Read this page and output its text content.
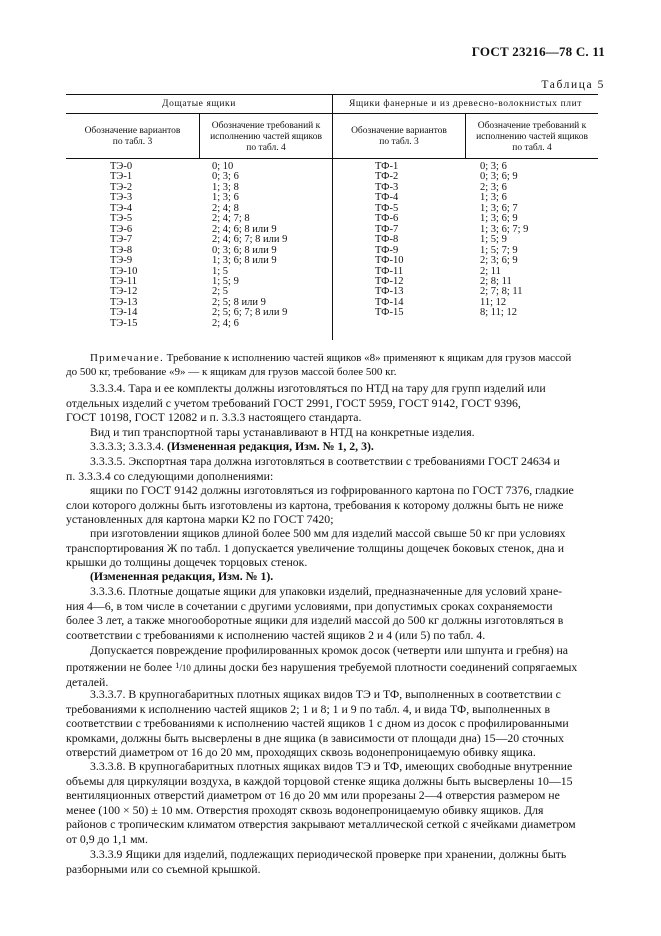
ГОСТ 23216—78 С. 11
Таблица 5
Дощатые ящики	Ящики фанерные и из древесно-волокнистых плит
Обозначение вариантов
по табл. 3
Обозначение требований к
исполнению частей ящиков
по табл. 4
Обозначение вариантов
по табл. 3
Обозначение требований к
исполнению частей ящиков
по табл. 4
ТЭ-0
ТЭ-1
ТЭ-2
ТЭ-3
ТЭ-4
ТЭ-5
ТЭ-6
ТЭ-7
ТЭ-8
ТЭ-9
ТЭ-10
ТЭ-11
ТЭ-12
ТЭ-13
ТЭ-14
ТЭ-15
0; 10
0; 3; 6
1; 3; 8
1; 3; 6
2; 4; 8
2; 4; 7; 8
2; 4; 6; 8 или 9
2; 4; 6; 7; 8 или 9
0; 3; 6; 8 или 9
1; 3; 6; 8 или 9
1; 5
1; 5; 9
2; 5
2; 5; 8 или 9
2; 5; 6; 7; 8 или 9
2; 4; 6
ТФ-1
ТФ-2
ТФ-3
ТФ-4
ТФ-5
ТФ-6
ТФ-7
ТФ-8
ТФ-9
ТФ-10
ТФ-11
ТФ-12
ТФ-13
ТФ-14
ТФ-15
0; 3; 6
0; 3; 6; 9
2; 3; 6
1; 3; 6
1; 3; 6; 7
1; 3; 6; 9
1; 3; 6; 7; 9
1; 5; 9
1; 5; 7; 9
2; 3; 6; 9
2; 11
2; 8; 11
2; 7; 8; 11
11; 12
8; 11; 12
Примечание. Требование к исполнению частей ящиков «8» применяют к ящикам для грузов массой
до 500 кг, требование «9» — к ящикам для грузов массой более 500 кг.
3.3.3.4. Тара и ее комплекты должны изготовляться по НТД на тару для групп изделий или
отдельных изделий с учетом требований ГОСТ 2991, ГОСТ 5959, ГОСТ 9142, ГОСТ 9396,
ГОСТ 10198, ГОСТ 12082 и п. 3.3.3 настоящего стандарта.
Вид и тип транспортной тары устанавливают в НТД на конкретные изделия.
3.3.3.3; 3.3.3.4. (Измененная редакция, Изм. № 1, 2, 3).
3.3.3.5. Экспортная тара должна изготовляться в соответствии с требованиями ГОСТ 24634 и
п. 3.3.3.4 со следующими дополнениями:
ящики по ГОСТ 9142 должны изготовляться из гофрированного картона по ГОСТ 7376, гладкие
слои которого должны быть изготовлены из картона, требования к которому должны быть не ниже
установленных для картона марки К2 по ГОСТ 7420;
при изготовлении ящиков длиной более 500 мм для изделий массой свыше 50 кг при условиях
транспортирования Ж по табл. 1 допускается увеличение толщины дощечек боковых стенок, дна и
крышки до толщины дощечек торцовых стенок.
(Измененная редакция, Изм. № 1).
3.3.3.6. Плотные дощатые ящики для упаковки изделий, предназначенные для условий хране-
ния 4—6, в том числе в сочетании с другими условиями, при допустимых сроках сохраняемости
более 3 лет, а также многооборотные ящики для изделий массой до 500 кг должны изготовляться в
соответствии с требованиями к исполнению частей ящиков 2 и 4 (или 5) по табл. 4.
Допускается повреждение профилированных кромок досок (четверти или шпунта и гребня) на
протяжении не более $^1$/10 длины доски без нарушения требуемой плотности соединений сопрягаемых
деталей.
3.3.3.7. В крупногабаритных плотных ящиках видов ТЭ и ТФ, выполненных в соответствии с
требованиями к исполнению частей ящиков 2; 1 и 8; 1 и 9 по табл. 4, и вида ТФ, выполненных в
соответствии с требованиями к исполнению частей ящиков 1 с дном из досок с профилированными
кромками, должны быть высверлены в дне ящика (в зависимости от площади дна) 15—20 сточных
отверстий диаметром от 16 до 20 мм, проходящих сквозь водонепроницаемую обивку ящика.
3.3.3.8. В крупногабаритных плотных ящиках видов ТЭ и ТФ, имеющих свободные внутренние
объемы для циркуляции воздуха, в каждой торцовой стенке ящика должны быть высверлены 10—15
вентиляционных отверстий диаметром от 16 до 20 мм или прорезаны 2—4 отверстия размером не
менее (100 × 50) ± 10 мм. Отверстия проходят сквозь водонепроницаемую обивку ящиков. Для
районов с тропическим климатом отверстия закрывают металлической сеткой с ячейками диаметром
от 0,9 до 1,1 мм.
3.3.3.9 Ящики для изделий, подлежащих периодической проверке при хранении, должны быть
разборными или со съемной крышкой.
